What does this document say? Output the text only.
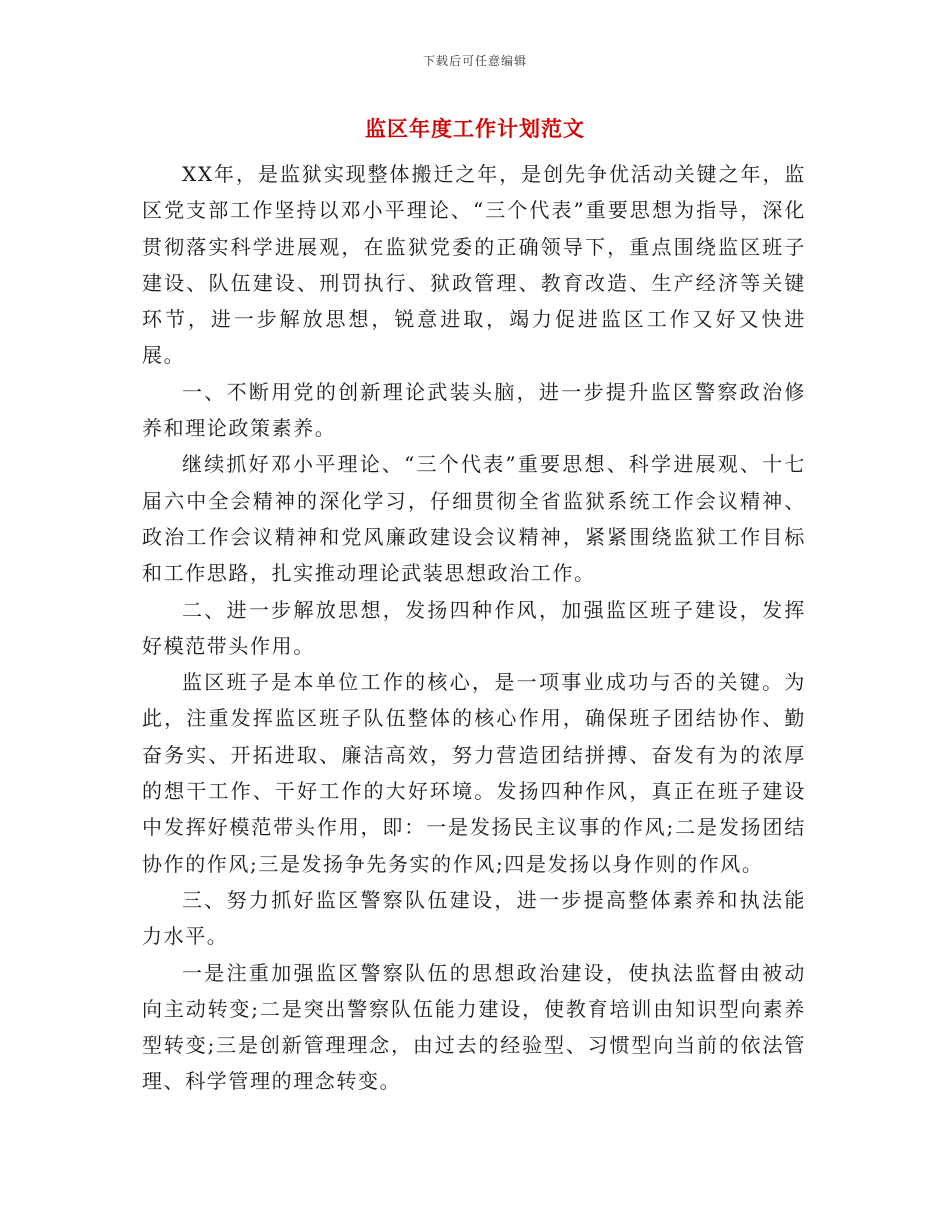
下载后可任意编辑
监区年度工作计划范文

XX年，是监狱实现整体搬迁之年，是创先争优活动关键之年，监区党支部工作坚持以邓小平理论、“三个代表”重要思想为指导，深化贯彻落实科学进展观，在监狱党委的正确领导下，重点围绕监区班子建设、队伍建设、刑罚执行、狱政管理、教育改造、生产经济等关键环节，进一步解放思想，锐意进取，竭力促进监区工作又好又快进展。

一、不断用党的创新理论武装头脑，进一步提升监区警察政治修养和理论政策素养。

继续抓好邓小平理论、“三个代表”重要思想、科学进展观、十七届六中全会精神的深化学习，仔细贯彻全省监狱系统工作会议精神、政治工作会议精神和党风廉政建设会议精神，紧紧围绕监狱工作目标和工作思路，扎实推动理论武装思想政治工作。

二、进一步解放思想，发扬四种作风，加强监区班子建设，发挥好模范带头作用。

监区班子是本单位工作的核心，是一项事业成功与否的关键。为此，注重发挥监区班子队伍整体的核心作用，确保班子团结协作、勤奋务实、开拓进取、廉洁高效，努力营造团结拼搏、奋发有为的浓厚的想干工作、干好工作的大好环境。发扬四种作风，真正在班子建设中发挥好模范带头作用，即：一是发扬民主议事的作风;二是发扬团结协作的作风;三是发扬争先务实的作风;四是发扬以身作则的作风。

三、努力抓好监区警察队伍建设，进一步提高整体素养和执法能力水平。

一是注重加强监区警察队伍的思想政治建设，使执法监督由被动向主动转变;二是突出警察队伍能力建设，使教育培训由知识型向素养型转变;三是创新管理理念，由过去的经验型、习惯型向当前的依法管理、科学管理的理念转变。
